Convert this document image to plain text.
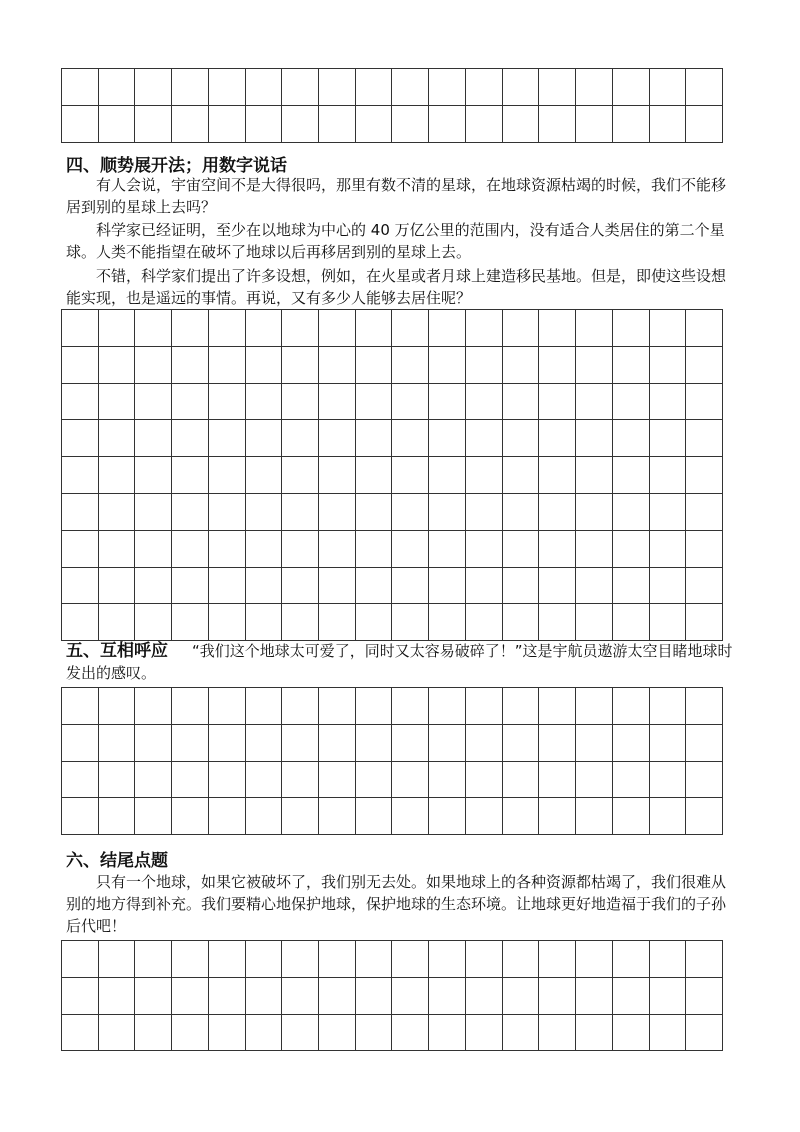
四、顺势展开法；用数字说话

有人会说，宇宙空间不是大得很吗，那里有数不清的星球，在地球资源枯竭的时候，我们不能移居到别的星球上去吗？

科学家已经证明，至少在以地球为中心的 40 万亿公里的范围内，没有适合人类居住的第二个星球。人类不能指望在破坏了地球以后再移居到别的星球上去。

不错，科学家们提出了许多设想，例如，在火星或者月球上建造移民基地。但是，即使这些设想能实现，也是遥远的事情。再说，又有多少人能够去居住呢？

五、互相呼应 “我们这个地球太可爱了，同时又太容易破碎了！”这是宇航员遨游太空目睹地球时发出的感叹。

六、结尾点题

只有一个地球，如果它被破坏了，我们别无去处。如果地球上的各种资源都枯竭了，我们很难从别的地方得到补充。我们要精心地保护地球，保护地球的生态环境。让地球更好地造福于我们的子孙后代吧！
